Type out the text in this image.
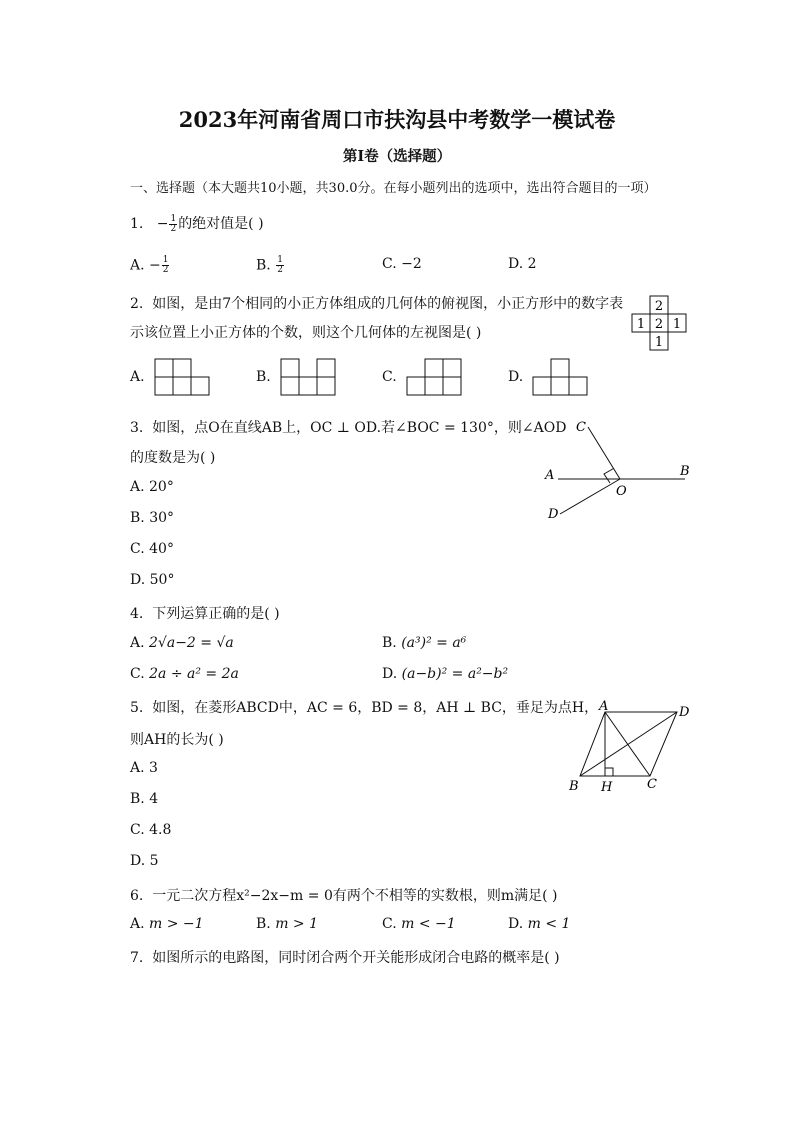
2023年河南省周口市扶沟县中考数学一模试卷
第Ⅰ卷（选择题）
一、选择题（本大题共10小题，共30.0分。在每小题列出的选项中，选出符合题目的一项）
1. − $\frac{1}{2}$ 的绝对值是( )
A. − $\frac{1}{2}$	B. $\frac{1}{2}$	C. −2	D. 2
2. 如图，是由7个相同的小正方体组成的几何体的俯视图，小正方形中的数字表
示该位置上小正方体的个数，则这个几何体的左视图是( )
2
1 2 1
1
A.	B.	C.	D.
3. 如图，点O在直线AB上，OC ⊥ OD.若∠BOC = 130°，则∠AOD
的度数是为( )
A. 20°
B. 30°
C. 40°
D. 50°
C
A	B
O
D
4. 下列运算正确的是( )
A. 2√a−2 = √a	B. (a³)² = a⁶
C. 2a ÷ a² = 2a	D. (a−b)² = a²−b²
5. 如图，在菱形ABCD中，AC = 6，BD = 8，AH ⊥ BC，垂足为点H，
则AH的长为( )
A. 3
B. 4
C. 4.8
D. 5
A	D
B H	C
6. 一元二次方程x²−2x−m = 0有两个不相等的实数根，则m满足( )
A. m > −1	B. m > 1	C. m < −1	D. m < 1
7. 如图所示的电路图，同时闭合两个开关能形成闭合电路的概率是( )
